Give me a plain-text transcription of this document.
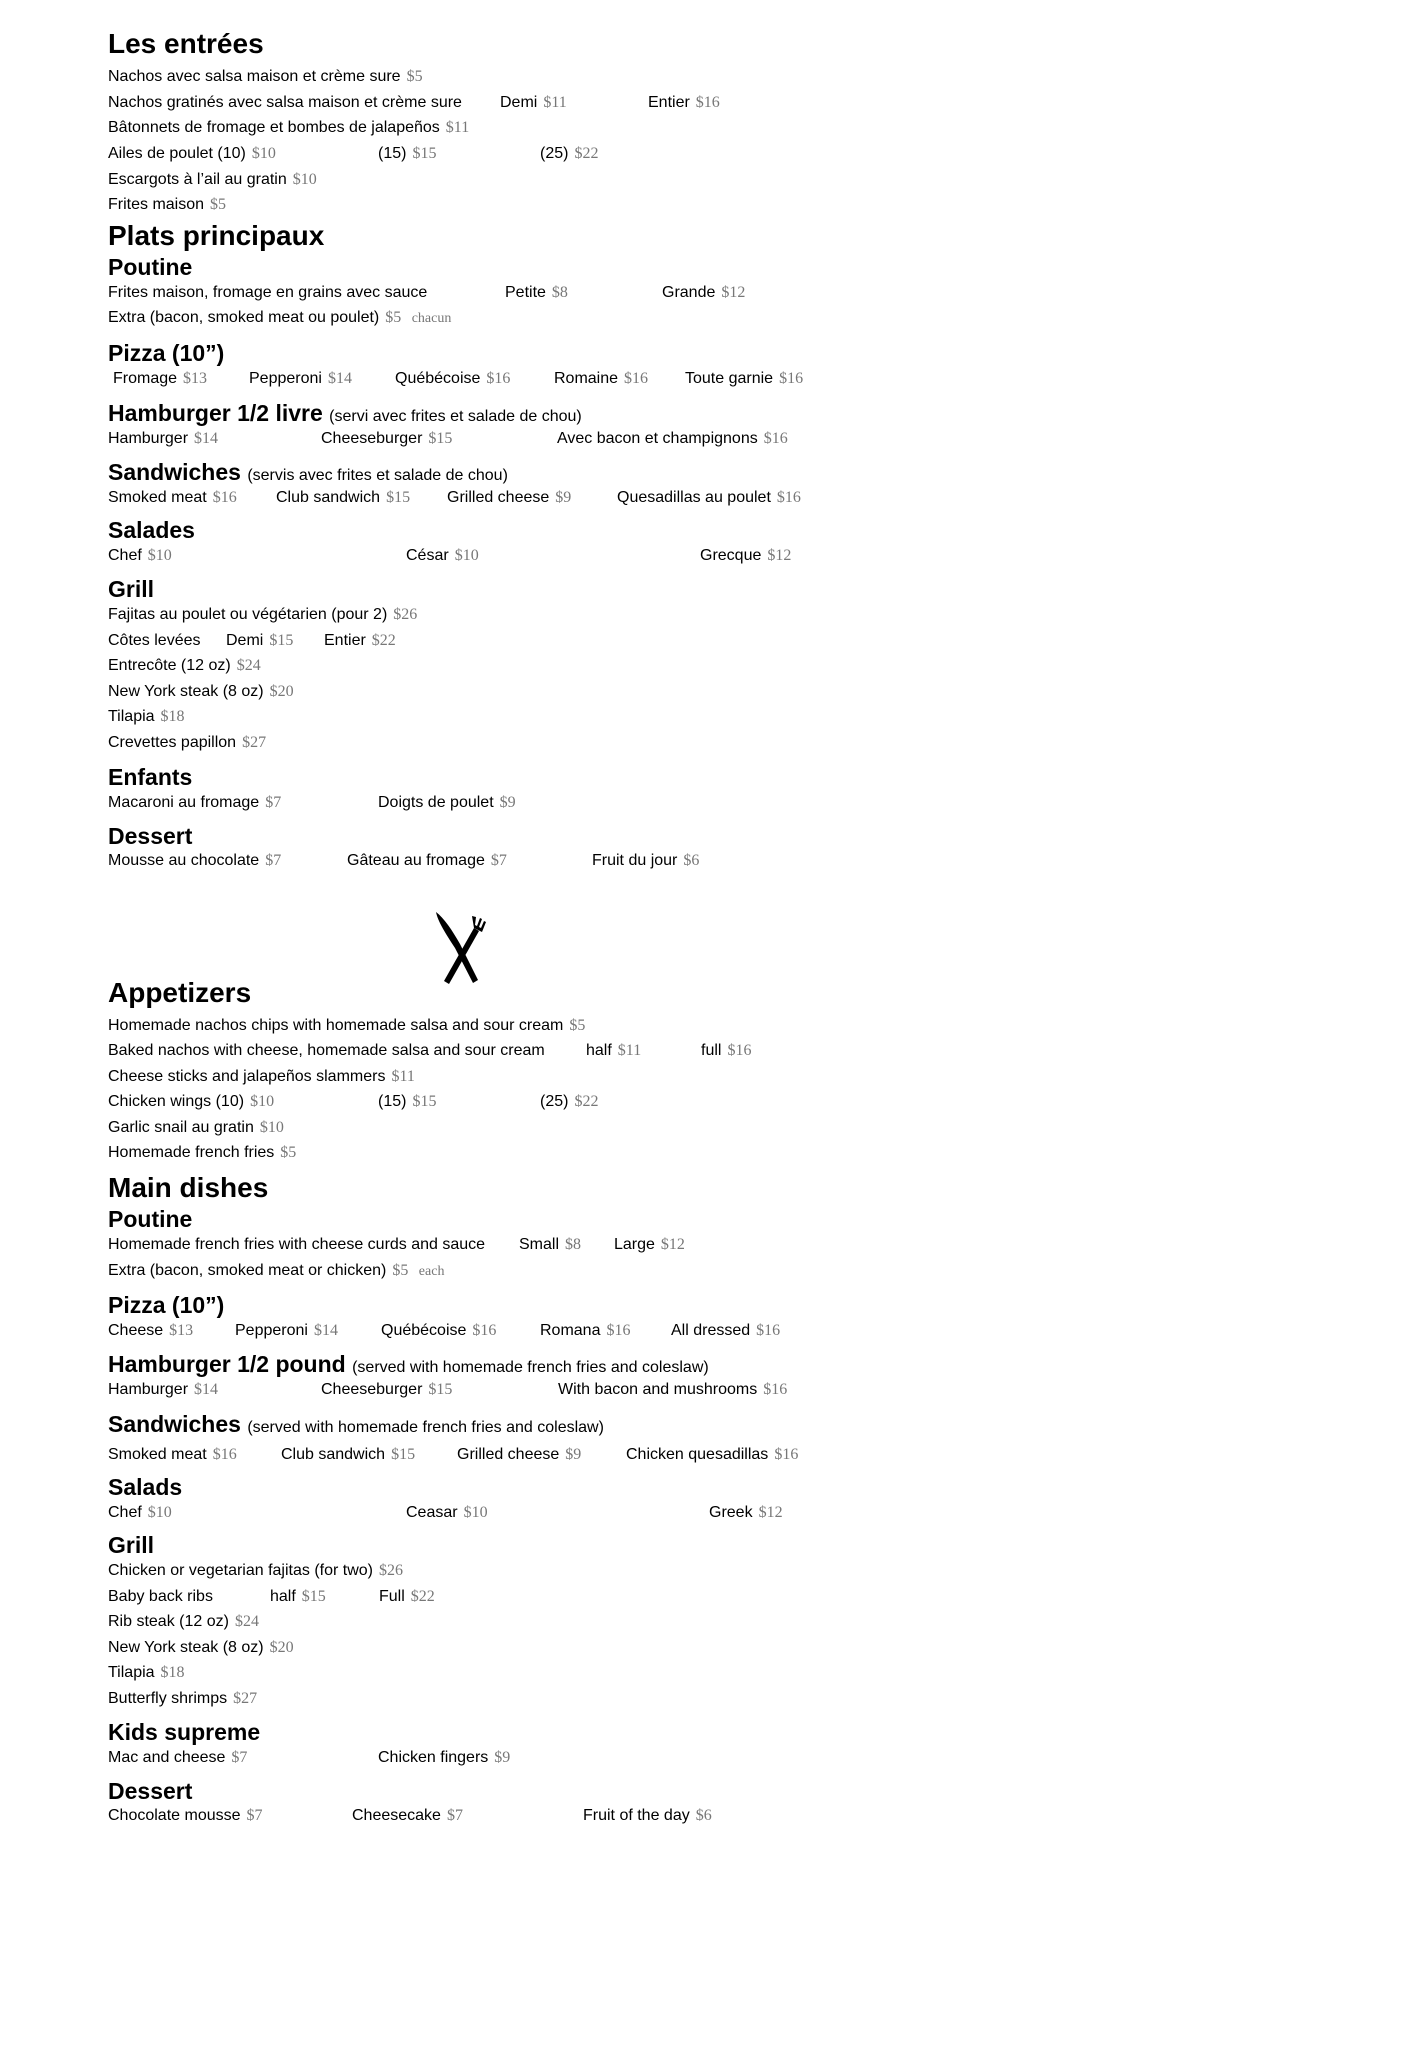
Les entrées
Nachos avec salsa maison et crème sure $5
Nachos gratinés avec salsa maison et crème sure Demi $11	Entier $16
Bâtonnets de fromage et bombes de jalapeños $11
Ailes de poulet (10) $10	(15) $15	(25) $22
Escargots à l’ail au gratin $10
Frites maison $5
Plats principaux
Poutine
Frites maison, fromage en grains avec sauce	Petite $8	Grande $12
Extra (bacon, smoked meat ou poulet) $5 chacun
Pizza (10”)
Fromage $13	Pepperoni $14	Québécoise $16	Romaine $16 Toute garnie $16
Hamburger 1/2 livre (servi avec frites et salade de chou)
Hamburger $14	Cheeseburger $15	Avec bacon et champignons $16
Sandwiches (servis avec frites et salade de chou)
Smoked meat $16 Club sandwich $15 Grilled cheese $9	Quesadillas au poulet $16
Salades
Chef $10	César $10	Grecque $12
Grill
Fajitas au poulet ou végétarien (pour 2) $26
Côtes levées Demi $15 Entier $22
Entrecôte (12 oz) $24
New York steak (8 oz) $20
Tilapia $18
Crevettes papillon $27
Enfants
Macaroni au fromage $7	Doigts de poulet $9
Dessert
Mousse au chocolate $7	Gâteau au fromage $7	Fruit du jour $6
Appetizers
Homemade nachos chips with homemade salsa and sour cream $5
Baked nachos with cheese, homemade salsa and sour cream	half $11	full $16
Cheese sticks and jalapeños slammers $11
Chicken wings (10) $10	(15) $15	(25) $22
Garlic snail au gratin $10
Homemade french fries $5
Main dishes
Poutine
Homemade french fries with cheese curds and sauce Small $8 Large $12
Extra (bacon, smoked meat or chicken) $5 each
Pizza (10”)
Cheese $13	Pepperoni $14	Québécoise $16	Romana $16	All dressed $16
Hamburger 1/2 pound (served with homemade french fries and coleslaw)
Hamburger $14	Cheeseburger $15	With bacon and mushrooms $16
Sandwiches (served with homemade french fries and coleslaw)
Smoked meat $16	Club sandwich $15	Grilled cheese $9	Chicken quesadillas $16
Salads
Chef $10	Ceasar $10	Greek $12
Grill
Chicken or vegetarian fajitas (for two) $26
Baby back ribs	half $15	Full $22
Rib steak (12 oz) $24
New York steak (8 oz) $20
Tilapia $18
Butterfly shrimps $27
Kids supreme
Mac and cheese $7	Chicken fingers $9
Dessert
Chocolate mousse $7	Cheesecake $7	Fruit of the day $6
